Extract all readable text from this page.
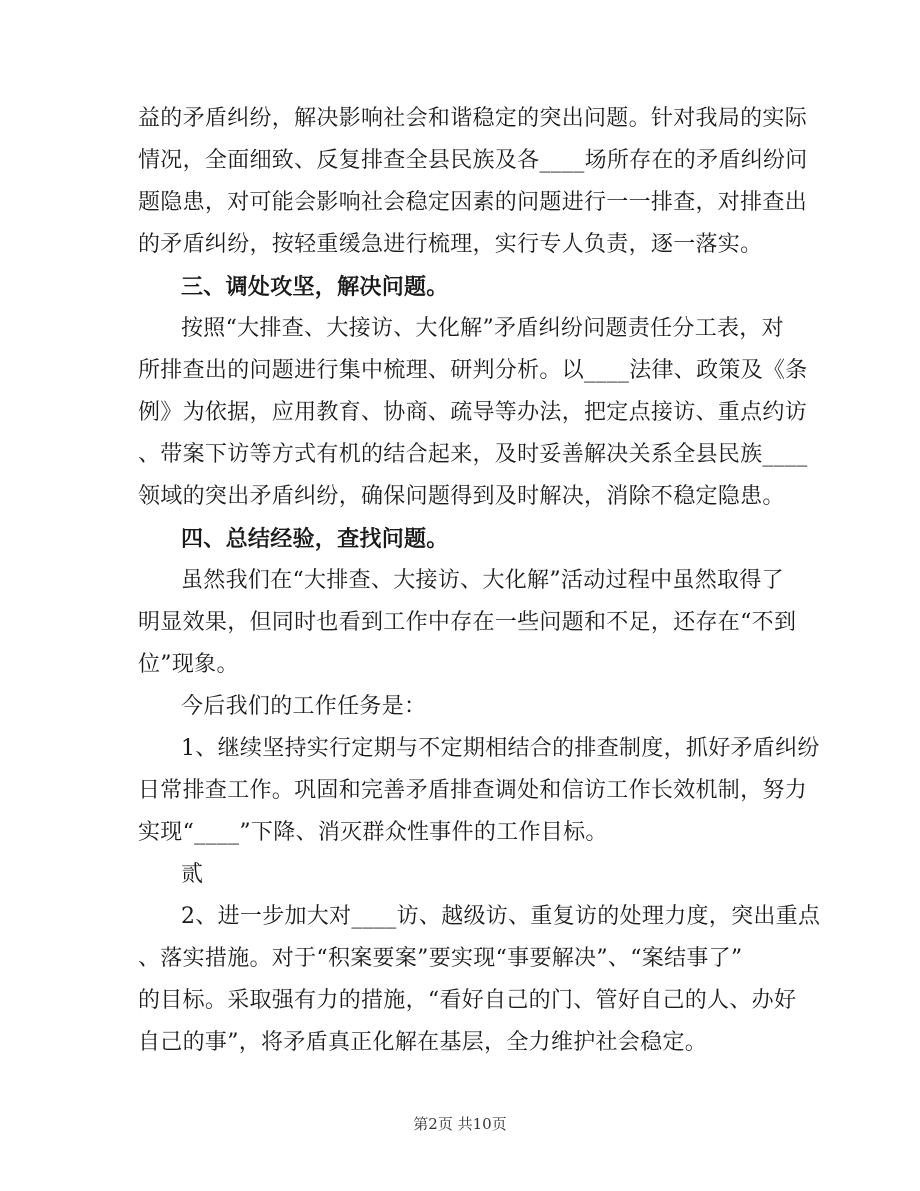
益的矛盾纠纷，解决影响社会和谐稳定的突出问题。针对我局的实际
情况，全面细致、反复排查全县民族及各____场所存在的矛盾纠纷问
题隐患，对可能会影响社会稳定因素的问题进行一一排查，对排查出
的矛盾纠纷，按轻重缓急进行梳理，实行专人负责，逐一落实。
三、调处攻坚，解决问题。
按照“大排查、大接访、大化解”矛盾纠纷问题责任分工表，对
所排查出的问题进行集中梳理、研判分析。以____法律、政策及《条
例》为依据，应用教育、协商、疏导等办法，把定点接访、重点约访
、带案下访等方式有机的结合起来，及时妥善解决关系全县民族____
领域的突出矛盾纠纷，确保问题得到及时解决，消除不稳定隐患。
四、总结经验，查找问题。
虽然我们在“大排查、大接访、大化解”活动过程中虽然取得了
明显效果，但同时也看到工作中存在一些问题和不足，还存在“不到
位”现象。
今后我们的工作任务是：
1、继续坚持实行定期与不定期相结合的排查制度，抓好矛盾纠纷
日常排查工作。巩固和完善矛盾排查调处和信访工作长效机制，努力
实现“____”下降、消灭群众性事件的工作目标。
贰
2、进一步加大对____访、越级访、重复访的处理力度，突出重点
、落实措施。对于“积案要案”要实现“事要解决”、“案结事了”
的目标。采取强有力的措施，“看好自己的门、管好自己的人、办好
自己的事”，将矛盾真正化解在基层，全力维护社会稳定。
第2页 共10页
